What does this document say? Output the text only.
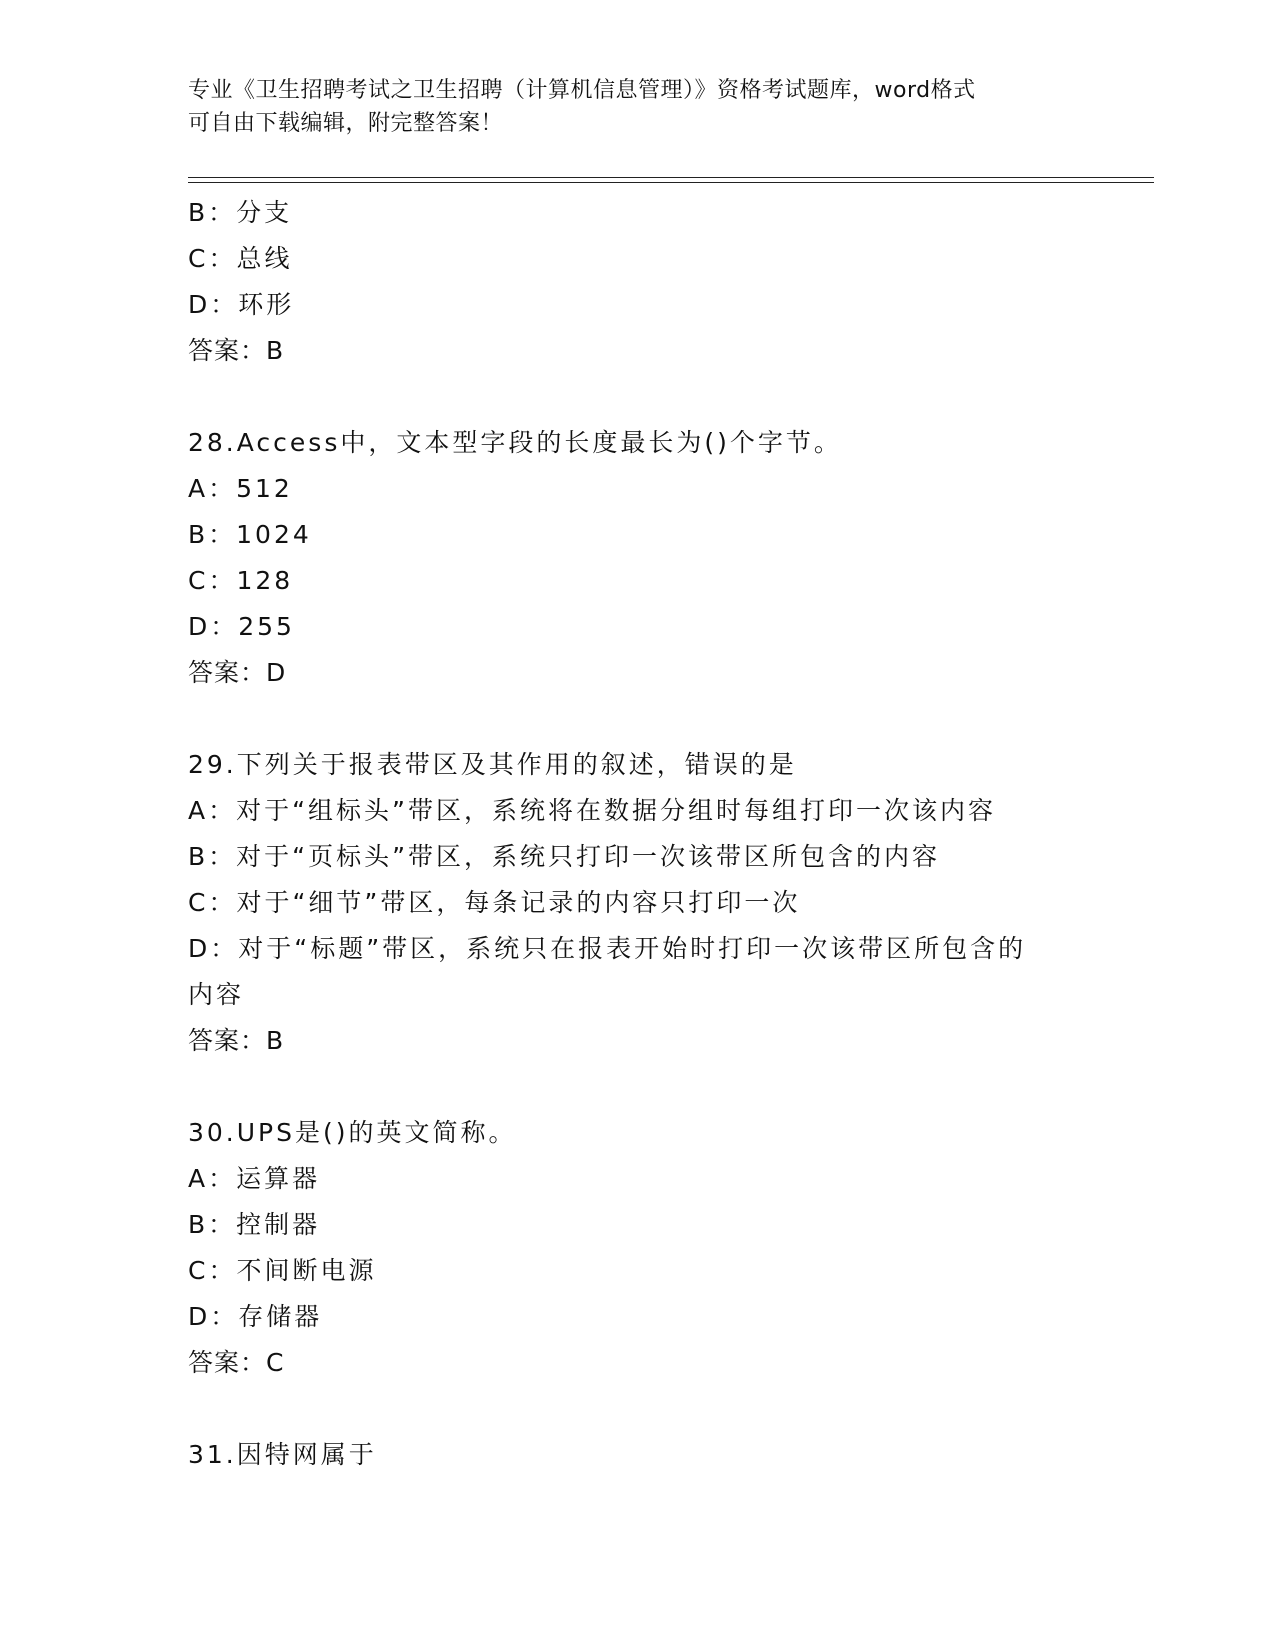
专业《卫生招聘考试之卫生招聘（计算机信息管理）》资格考试题库，word格式
可自由下载编辑，附完整答案！
B：分支
C：总线
D：环形
答案：B
28.Access中，文本型字段的长度最长为()个字节。
A：512
B：1024
C：128
D：255
答案：D
29.下列关于报表带区及其作用的叙述，错误的是
A：对于“组标头”带区，系统将在数据分组时每组打印一次该内容
B：对于“页标头”带区，系统只打印一次该带区所包含的内容
C：对于“细节”带区，每条记录的内容只打印一次
D：对于“标题”带区，系统只在报表开始时打印一次该带区所包含的
内容
答案：B
30.UPS是()的英文简称。
A：运算器
B：控制器
C：不间断电源
D：存储器
答案：C
31.因特网属于
